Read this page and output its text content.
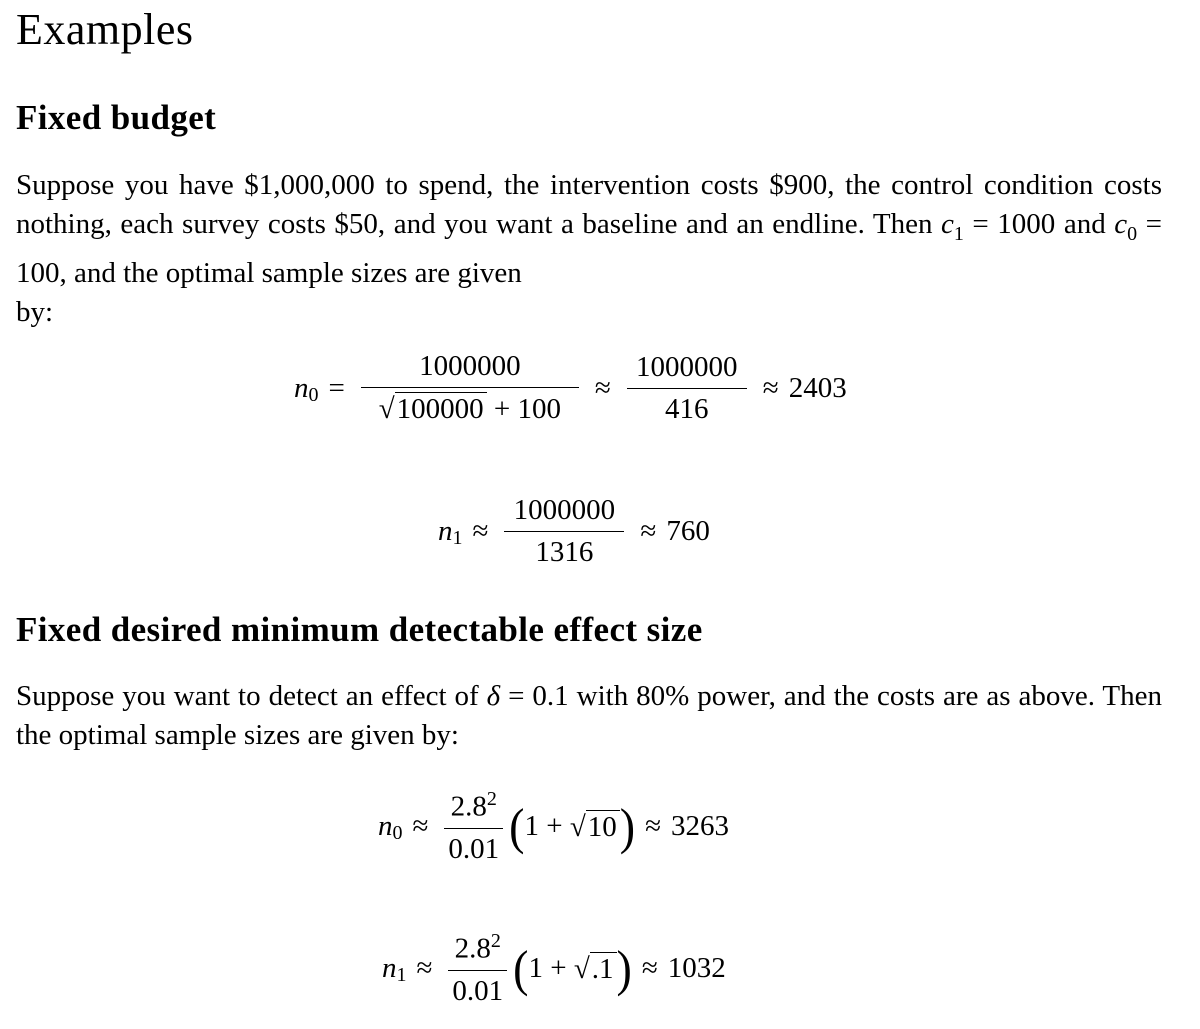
Examples
Fixed budget

Suppose you have $1,000,000 to spend, the intervention costs $900, the control condition costs nothing, each survey costs $50, and you want a baseline and an endline. Then $c_1 = 1000$ and $c_0 = 100$, and the optimal sample sizes are given
by:

$n_0 = \frac{1000000}{√ 100000 + 100} \approx \frac{1000000}{416} \approx 2403$
$n_1 \approx \frac{1000000}{1316} \approx 760$
Fixed desired minimum detectable effect size

Suppose you want to detect an effect of δ = 0.1 with 80% power, and the costs are as above. Then the optimal sample sizes are given by:

$n_0 \approx \frac{2.8^2}{0.01}$ ( 1 + √ 10 ) ≈ 3263
$n_1 \approx \frac{2.8^2}{0.01}$ ( 1 + √ .1 ) ≈ 1032
